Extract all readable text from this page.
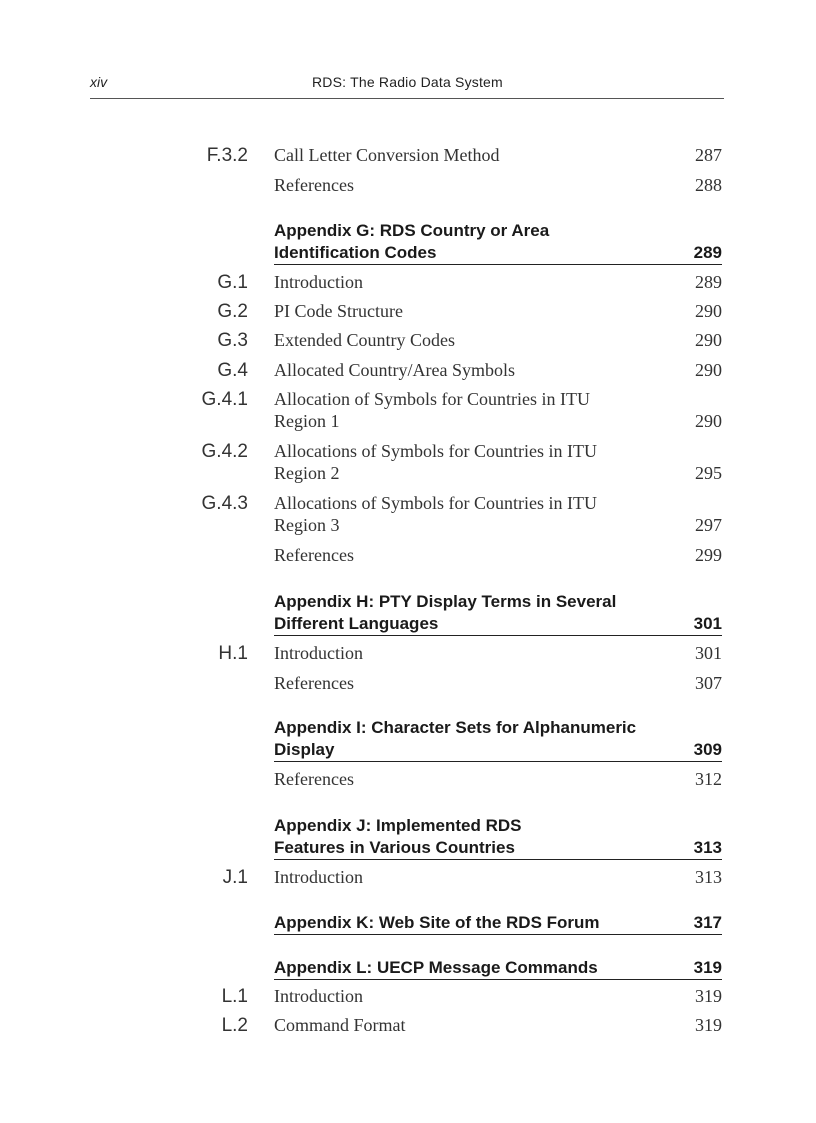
xiv	RDS: The Radio Data System
F.3.2 Call Letter Conversion Method	287
References	288
Appendix G: RDS Country or Area
Identification Codes	289
G.1 Introduction	289
G.2 PI Code Structure	290
G.3 Extended Country Codes	290
G.4 Allocated Country/Area Symbols	290
G.4.1 Allocation of Symbols for Countries in ITU
Region 1	290
G.4.2 Allocations of Symbols for Countries in ITU
Region 2	295
G.4.3 Allocations of Symbols for Countries in ITU
Region 3	297
References	299
Appendix H: PTY Display Terms in Several
Different Languages	301
H.1 Introduction	301
References	307
Appendix I: Character Sets for Alphanumeric
Display	309
References	312
Appendix J: Implemented RDS
Features in Various Countries	313
J.1 Introduction	313
Appendix K: Web Site of the RDS Forum	317
Appendix L: UECP Message Commands	319
L.1 Introduction	319
L.2 Command Format	319
